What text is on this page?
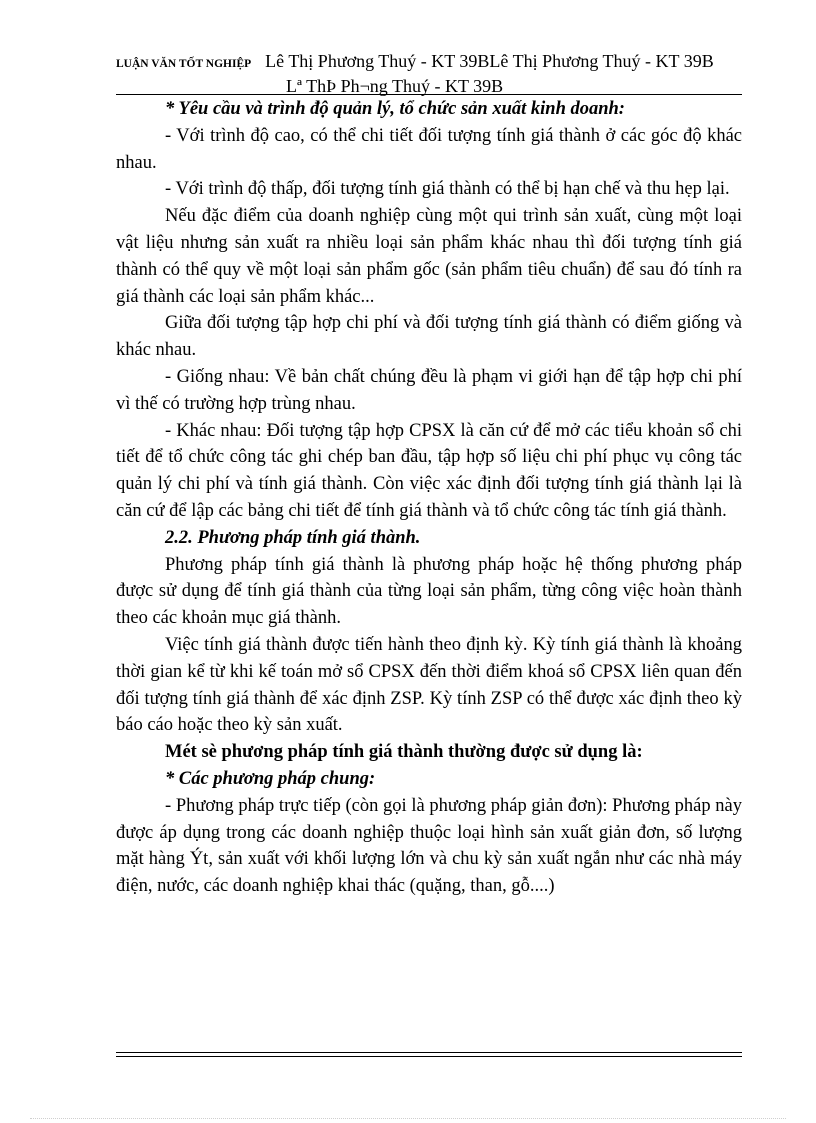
LUẬN VĂN TỐT NGHIỆP Lê Thị Phương Thuý - KT 39BLê Thị Phương Thuý - KT 39B
Lª ThÞ Ph¬ng Thuý - KT 39B

* Yêu cầu và trình độ quản lý, tổ chức sản xuất kinh doanh:

- Với trình độ cao, có thể chi tiết đối tượng tính giá thành ở các góc độ khác nhau.

- Với trình độ thấp, đối tượng tính giá thành có thể bị hạn chế và thu hẹp lại.

Nếu đặc điểm của doanh nghiệp cùng một qui trình sản xuất, cùng một loại vật liệu nhưng sản xuất ra nhiều loại sản phẩm khác nhau thì đối tượng tính giá thành có thể quy về một loại sản phẩm gốc (sản phẩm tiêu chuẩn) để sau đó tính ra giá thành các loại sản phẩm khác...

Giữa đối tượng tập hợp chi phí và đối tượng tính giá thành có điểm giống và khác nhau.

- Giống nhau: Về bản chất chúng đều là phạm vi giới hạn để tập hợp chi phí vì thế có trường hợp trùng nhau.

- Khác nhau: Đối tượng tập hợp CPSX là căn cứ để mở các tiểu khoản sổ chi tiết để tổ chức công tác ghi chép ban đầu, tập hợp số liệu chi phí phục vụ công tác quản lý chi phí và tính giá thành. Còn việc xác định đối tượng tính giá thành lại là căn cứ để lập các bảng chi tiết để tính giá thành và tổ chức công tác tính giá thành.

2.2. Phương pháp tính giá thành.

Phương pháp tính giá thành là phương pháp hoặc hệ thống phương pháp được sử dụng để tính giá thành của từng loại sản phẩm, từng công việc hoàn thành theo các khoản mục giá thành.

Việc tính giá thành được tiến hành theo định kỳ. Kỳ tính giá thành là khoảng thời gian kể từ khi kế toán mở sổ CPSX đến thời điểm khoá sổ CPSX liên quan đến đối tượng tính giá thành để xác định ZSP. Kỳ tính ZSP có thể được xác định theo kỳ báo cáo hoặc theo kỳ sản xuất.

Mét sè phương pháp tính giá thành thường được sử dụng là:

* Các phương pháp chung:

- Phương pháp trực tiếp (còn gọi là phương pháp giản đơn): Phương pháp này được áp dụng trong các doanh nghiệp thuộc loại hình sản xuất giản đơn, số lượng mặt hàng Ýt, sản xuất với khối lượng lớn và chu kỳ sản xuất ngắn như các nhà máy điện, nước, các doanh nghiệp khai thác (quặng, than, gỗ....)
